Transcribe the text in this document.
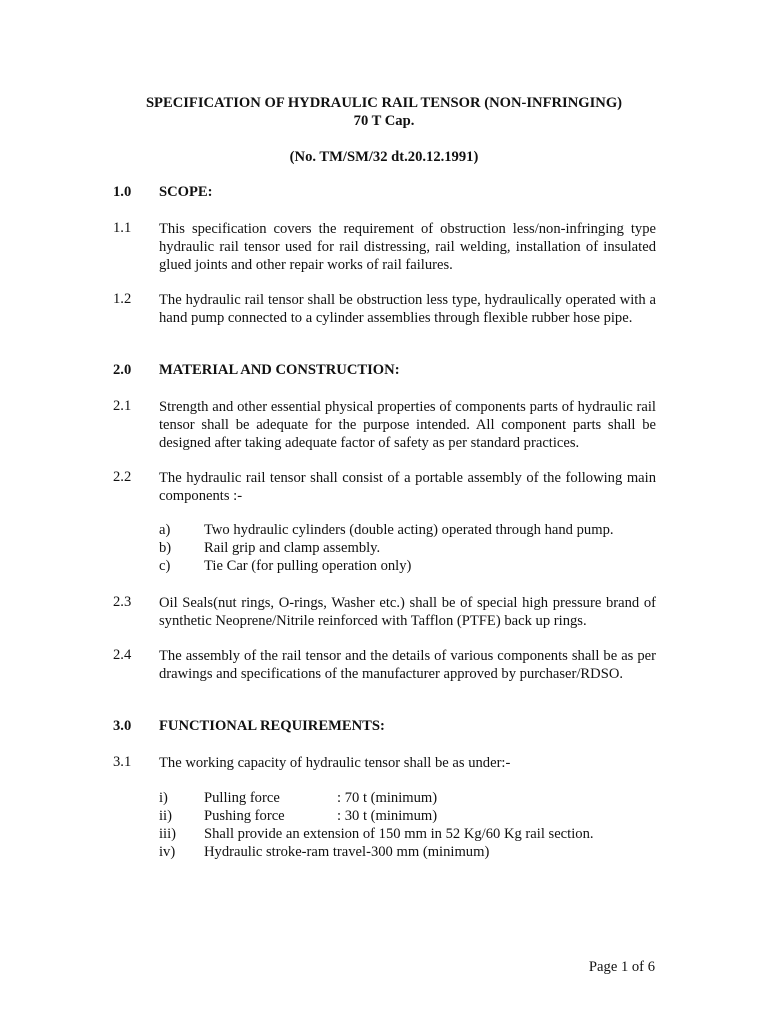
SPECIFICATION OF HYDRAULIC RAIL TENSOR (NON-INFRINGING)
70 T Cap.
(No. TM/SM/32 dt.20.12.1991)
1.0 SCOPE:
1.1 This specification covers the requirement of obstruction less/non-infringing type hydraulic rail tensor used for rail distressing, rail welding, installation of insulated glued joints and other repair works of rail failures.
1.2 The hydraulic rail tensor shall be obstruction less type, hydraulically operated with a hand pump connected to a cylinder assemblies through flexible rubber hose pipe.
2.0 MATERIAL AND CONSTRUCTION:
2.1 Strength and other essential physical properties of components parts of hydraulic rail tensor shall be adequate for the purpose intended. All component parts shall be designed after taking adequate factor of safety as per standard practices.
2.2 The hydraulic rail tensor shall consist of a portable assembly of the following main components :-
a) Two hydraulic cylinders (double acting) operated through hand pump.
b) Rail grip and clamp assembly.
c) Tie Car (for pulling operation only)
2.3 Oil Seals(nut rings, O-rings, Washer etc.) shall be of special high pressure brand of synthetic Neoprene/Nitrile reinforced with Tafflon (PTFE) back up rings.
2.4 The assembly of the rail tensor and the details of various components shall be as per drawings and specifications of the manufacturer approved by purchaser/RDSO.
3.0 FUNCTIONAL REQUIREMENTS:
3.1 The working capacity of hydraulic tensor shall be as under:-
i) Pulling force	: 70 t (minimum)
ii) Pushing force	: 30 t (minimum)
iii) Shall provide an extension of 150 mm in 52 Kg/60 Kg rail section.
iv) Hydraulic stroke-ram travel-300 mm (minimum)
Page 1 of 6
